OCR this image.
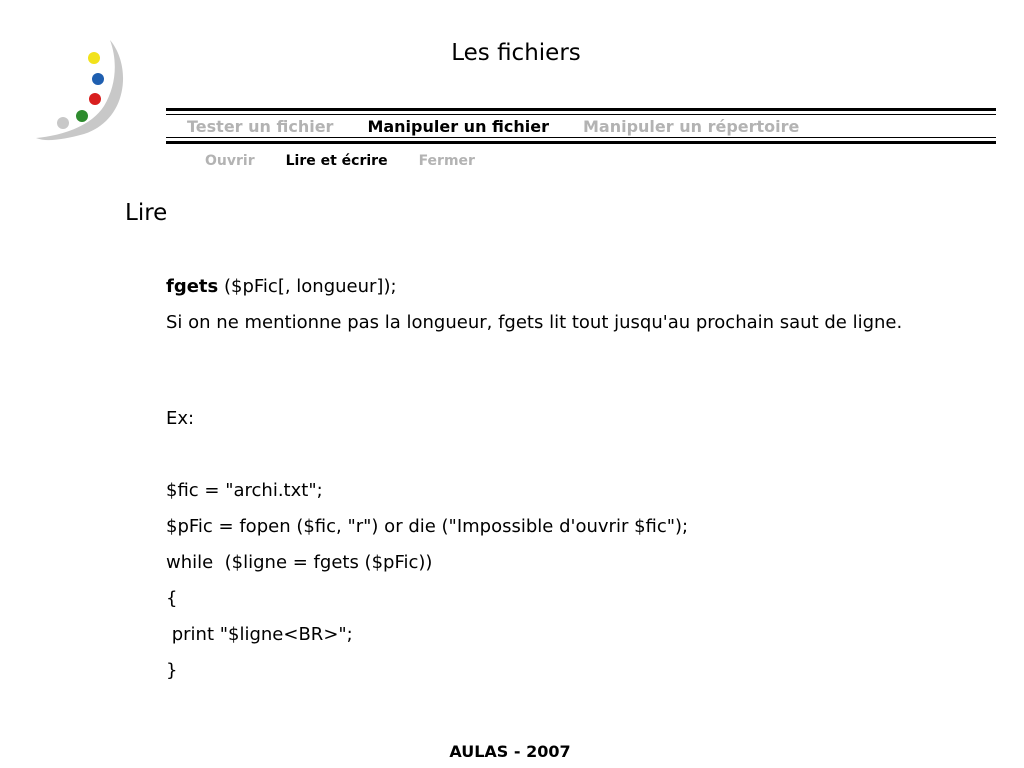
Les fichiers
Tester un fichier Manipuler un fichier Manipuler un répertoire
Ouvrir Lire et écrire Fermer
Lire
fgets ($pFic[, longueur]);
Si on ne mentionne pas la longueur, fgets lit tout jusqu'au prochain saut de ligne.
Ex:
$fic = "archi.txt";
$pFic = fopen ($fic, "r") or die ("Impossible d'ouvrir $fic");
while  ($ligne = fgets ($pFic))
{
print "$ligne<BR>";
}
AULAS - 2007
